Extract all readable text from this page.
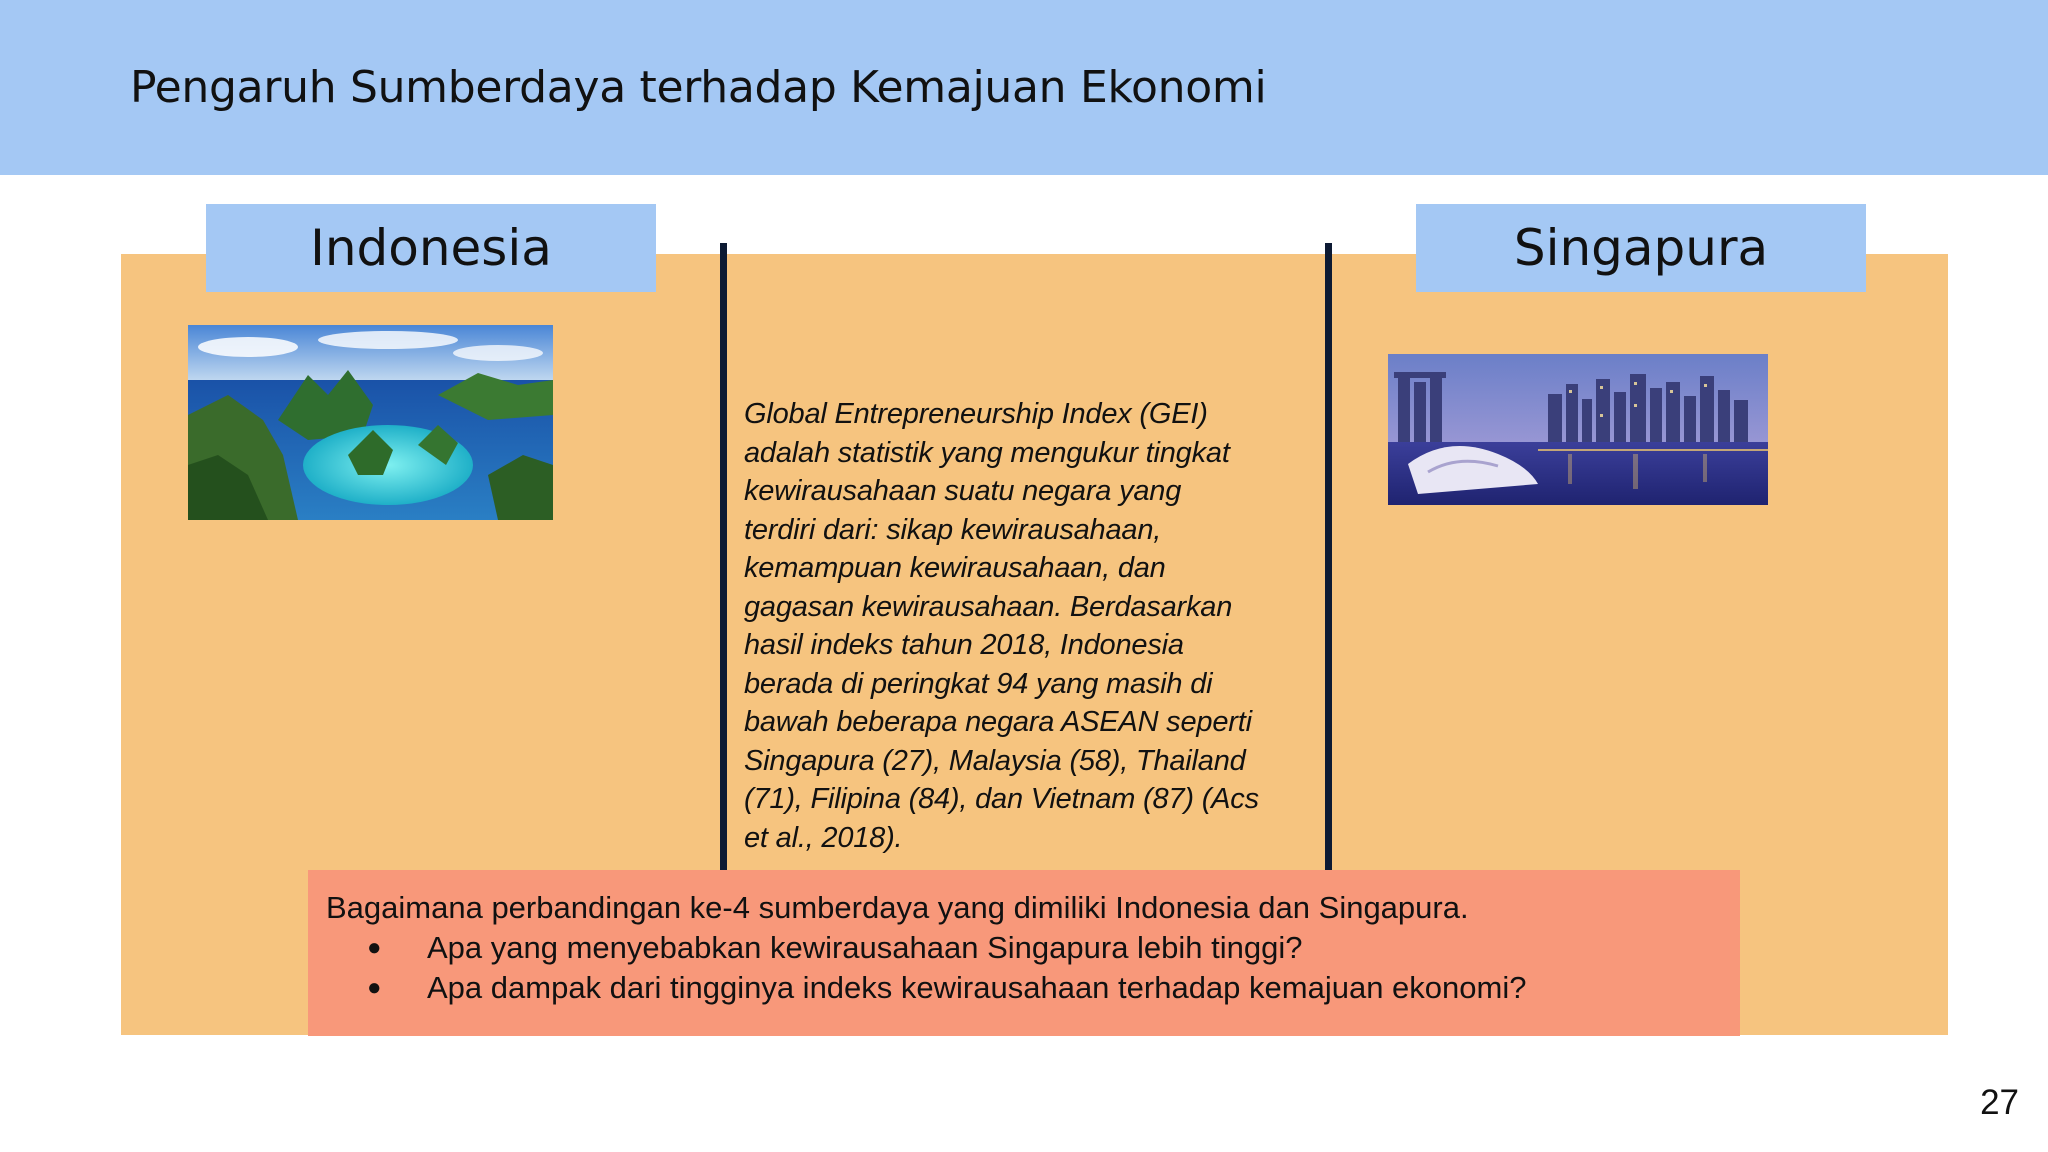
Pengaruh Sumberdaya terhadap Kemajuan Ekonomi
Indonesia	Singapura
Global Entrepreneurship Index (GEI)
adalah statistik yang mengukur tingkat
kewirausahaan suatu negara yang
terdiri dari: sikap kewirausahaan,
kemampuan kewirausahaan, dan
gagasan kewirausahaan. Berdasarkan
hasil indeks tahun 2018, Indonesia
berada di peringkat 94 yang masih di
bawah beberapa negara ASEAN seperti
Singapura (27), Malaysia (58), Thailand
(71), Filipina (84), dan Vietnam (87) (Acs
et al., 2018).
Bagaimana perbandingan ke-4 sumberdaya yang dimiliki Indonesia dan Singapura.
● Apa yang menyebabkan kewirausahaan Singapura lebih tinggi?
● Apa dampak dari tingginya indeks kewirausahaan terhadap kemajuan ekonomi?
27
